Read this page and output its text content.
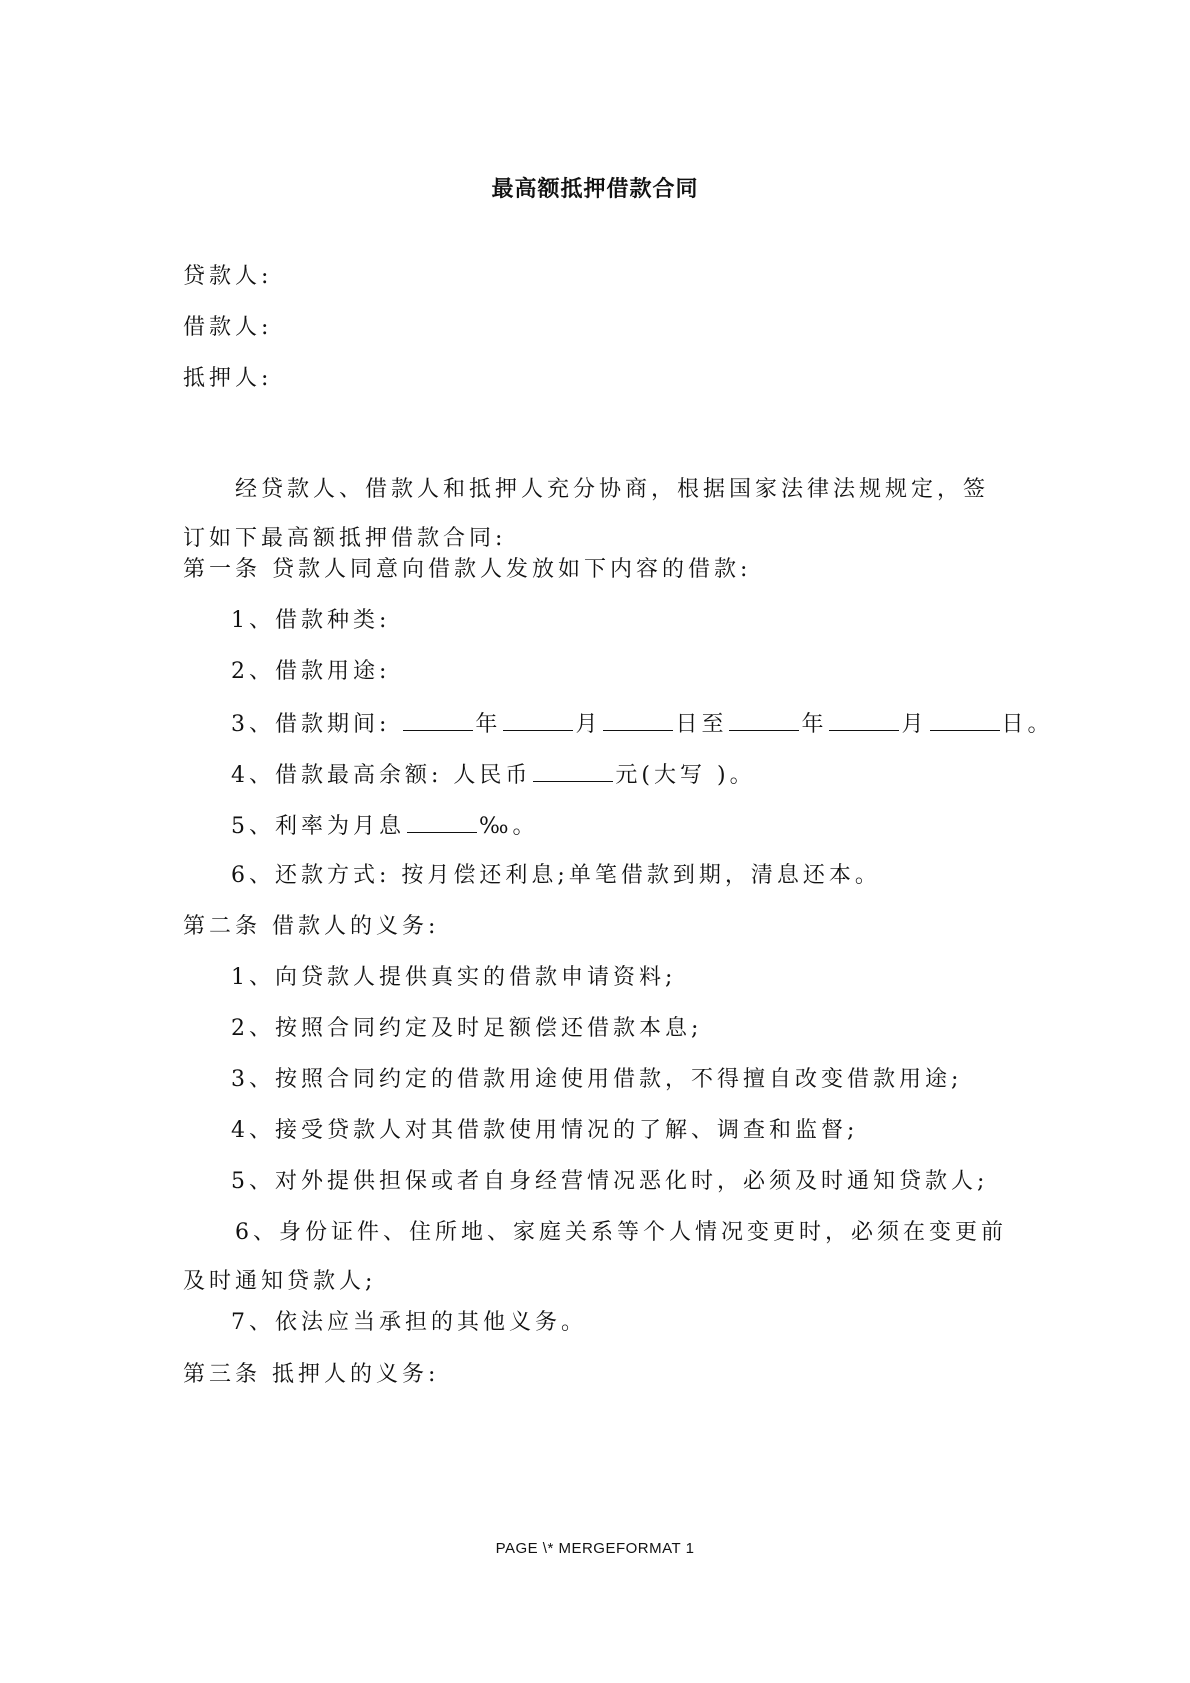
最高额抵押借款合同
贷款人:
借款人:
抵押人:
经贷款人、借款人和抵押人充分协商，根据国家法律法规规定，签订如下最高额抵押借款合同:
第一条 贷款人同意向借款人发放如下内容的借款:
1、借款种类:
2、借款用途:
3、借款期间:	年	月	日至	年	月	日。
4、借款最高余额: 人民币	元(大写 )。
5、利率为月息	‰。
6、还款方式: 按月偿还利息;单笔借款到期，清息还本。
第二条 借款人的义务:
1、向贷款人提供真实的借款申请资料;
2、按照合同约定及时足额偿还借款本息;
3、按照合同约定的借款用途使用借款，不得擅自改变借款用途;
4、接受贷款人对其借款使用情况的了解、调查和监督;
5、对外提供担保或者自身经营情况恶化时，必须及时通知贷款人;
6、身份证件、住所地、家庭关系等个人情况变更时，必须在变更前及时通知贷款人;
7、依法应当承担的其他义务。
第三条 抵押人的义务:
PAGE \* MERGEFORMAT 1
